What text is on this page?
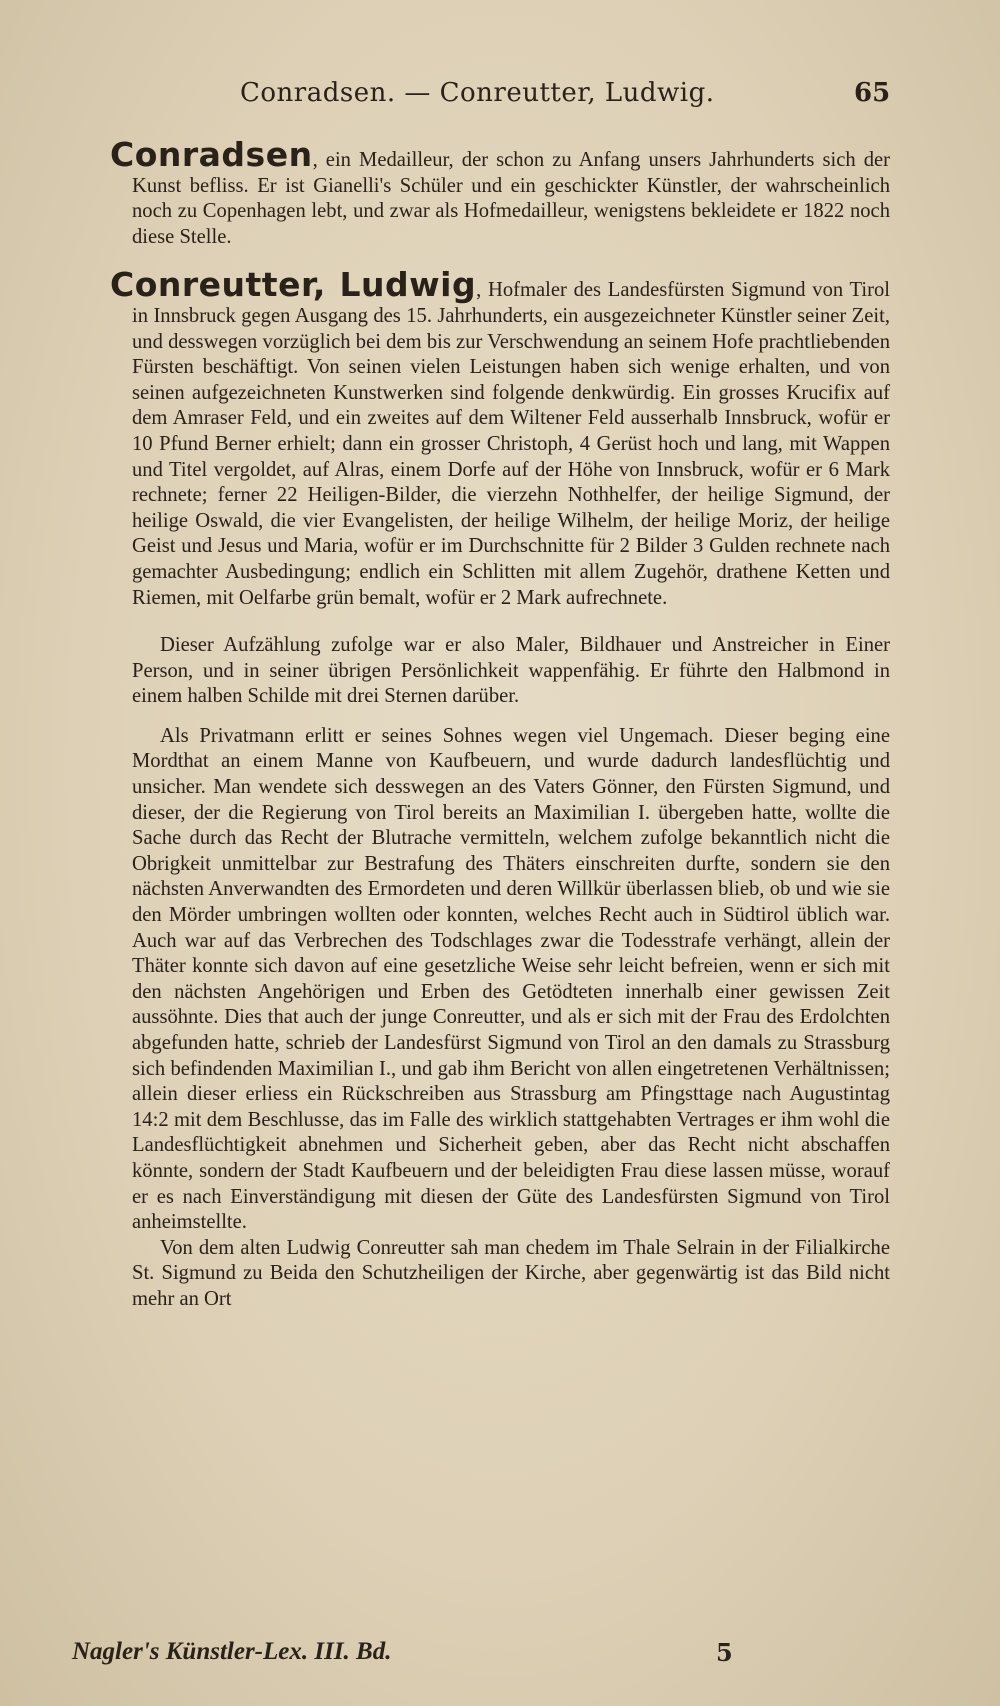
Conradsen. — Conreutter, Ludwig.	65

Conradsen, ein Medailleur, der schon zu Anfang unsers Jahrhunderts sich der Kunst befliss. Er ist Gianelli's Schüler und ein geschickter Künstler, der wahrscheinlich noch zu Copenhagen lebt, und zwar als Hofmedailleur, wenigstens bekleidete er 1822 noch diese Stelle.

Conreutter, Ludwig, Hofmaler des Landesfürsten Sigmund von Tirol in Innsbruck gegen Ausgang des 15. Jahrhunderts, ein ausgezeichneter Künstler seiner Zeit, und desswegen vorzüglich bei dem bis zur Verschwendung an seinem Hofe prachtliebenden Fürsten beschäftigt. Von seinen vielen Leistungen haben sich wenige erhalten, und von seinen aufgezeichneten Kunstwerken sind folgende denkwürdig. Ein grosses Krucifix auf dem Amraser Feld, und ein zweites auf dem Wiltener Feld ausserhalb Innsbruck, wofür er 10 Pfund Berner erhielt; dann ein grosser Christoph, 4 Gerüst hoch und lang, mit Wappen und Titel vergoldet, auf Alras, einem Dorfe auf der Höhe von Innsbruck, wofür er 6 Mark rechnete; ferner 22 Heiligen-Bilder, die vierzehn Nothhelfer, der heilige Sigmund, der heilige Oswald, die vier Evangelisten, der heilige Wilhelm, der heilige Moriz, der heilige Geist und Jesus und Maria, wofür er im Durchschnitte für 2 Bilder 3 Gulden rechnete nach gemachter Ausbedingung; endlich ein Schlitten mit allem Zugehör, drathene Ketten und Riemen, mit Oelfarbe grün bemalt, wofür er 2 Mark aufrechnete.

Dieser Aufzählung zufolge war er also Maler, Bildhauer und Anstreicher in Einer Person, und in seiner übrigen Persönlichkeit wappenfähig. Er führte den Halbmond in einem halben Schilde mit drei Sternen darüber.

Als Privatmann erlitt er seines Sohnes wegen viel Ungemach. Dieser beging eine Mordthat an einem Manne von Kaufbeuern, und wurde dadurch landesflüchtig und unsicher. Man wendete sich desswegen an des Vaters Gönner, den Fürsten Sigmund, und dieser, der die Regierung von Tirol bereits an Maximilian I. übergeben hatte, wollte die Sache durch das Recht der Blutrache vermitteln, welchem zufolge bekanntlich nicht die Obrigkeit unmittelbar zur Bestrafung des Thäters einschreiten durfte, sondern sie den nächsten Anverwandten des Ermordeten und deren Willkür überlassen blieb, ob und wie sie den Mörder umbringen wollten oder konnten, welches Recht auch in Südtirol üblich war. Auch war auf das Verbrechen des Todschlages zwar die Todesstrafe verhängt, allein der Thäter konnte sich davon auf eine gesetzliche Weise sehr leicht befreien, wenn er sich mit den nächsten Angehörigen und Erben des Getödteten innerhalb einer gewissen Zeit aussöhnte. Dies that auch der junge Conreutter, und als er sich mit der Frau des Erdolchten abgefunden hatte, schrieb der Landesfürst Sigmund von Tirol an den damals zu Strassburg sich befindenden Maximilian I., und gab ihm Bericht von allen eingetretenen Verhältnissen; allein dieser erliess ein Rückschreiben aus Strassburg am Pfingsttage nach Augustintag 14:2 mit dem Beschlusse, das im Falle des wirklich stattgehabten Vertrages er ihm wohl die Landesflüchtigkeit abnehmen und Sicherheit geben, aber das Recht nicht abschaffen könnte, sondern der Stadt Kaufbeuern und der beleidigten Frau diese lassen müsse, worauf er es nach Einverständigung mit diesen der Güte des Landesfürsten Sigmund von Tirol anheimstellte.

Von dem alten Ludwig Conreutter sah man chedem im Thale Selrain in der Filialkirche St. Sigmund zu Beida den Schutzheiligen der Kirche, aber gegenwärtig ist das Bild nicht mehr an Ort

Nagler's Künstler-Lex. III. Bd.	5
